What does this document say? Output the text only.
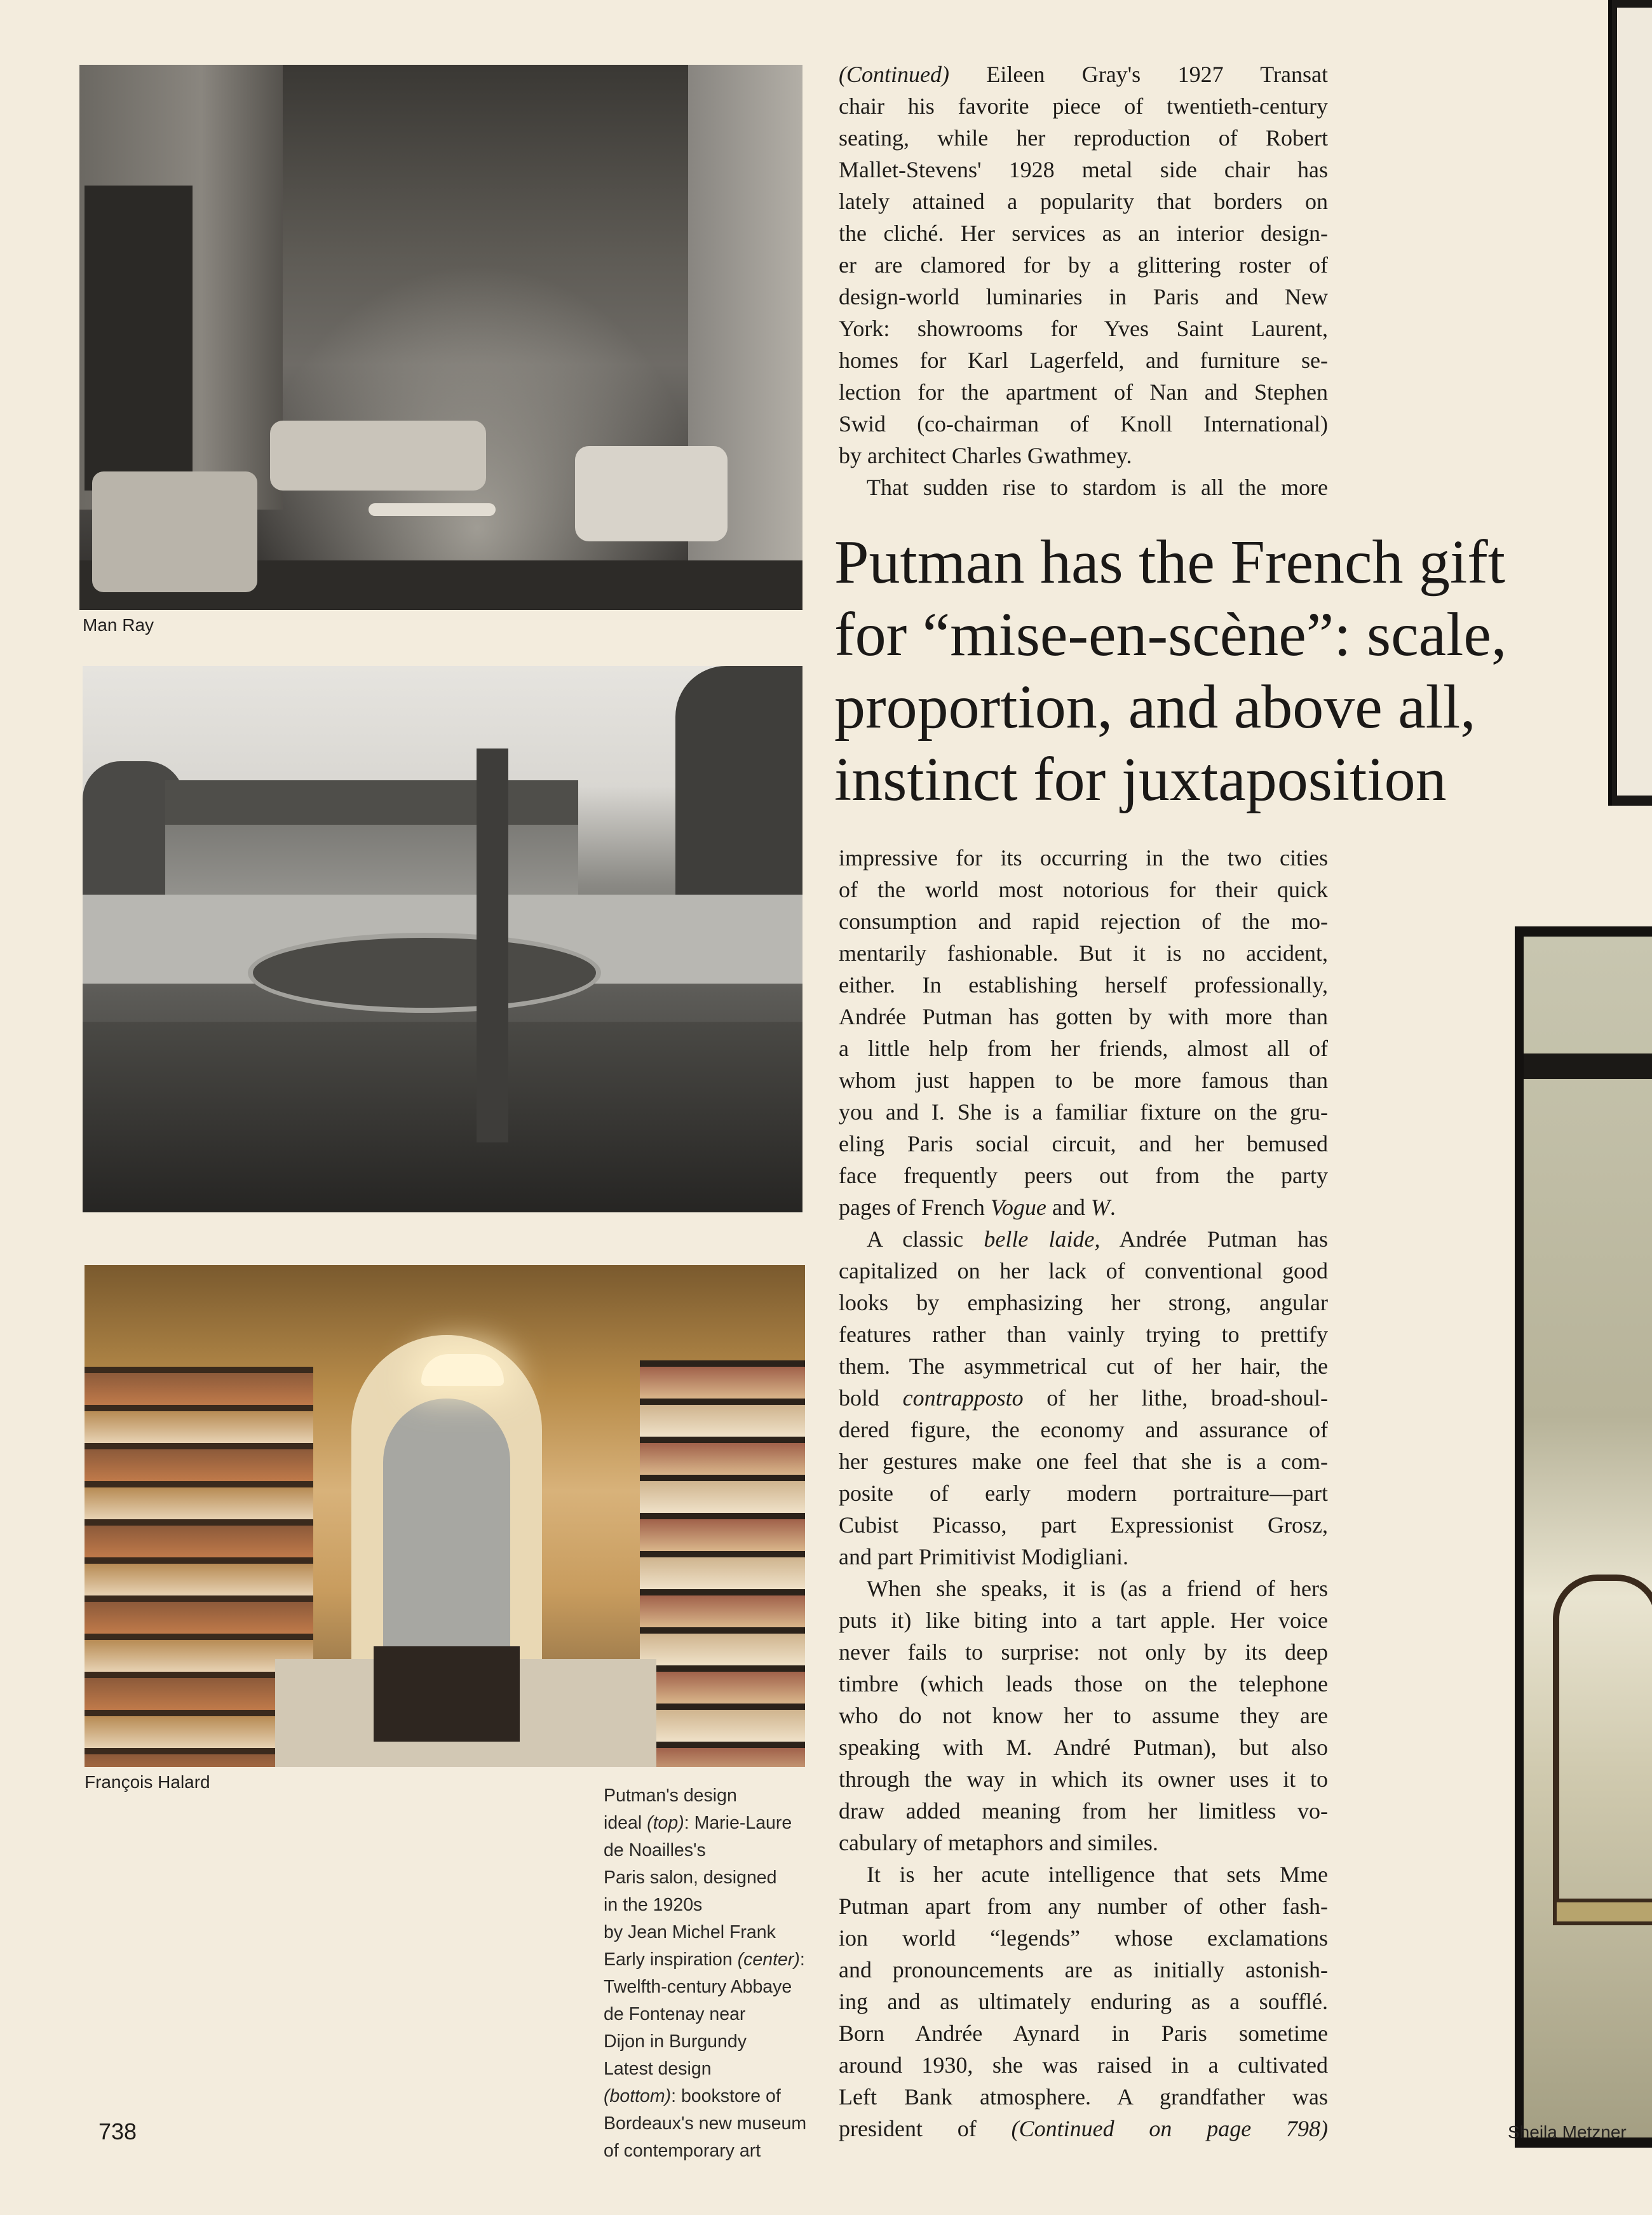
Man Ray
François Halard
Sheila Metzner
Putman's design
ideal (top): Marie-Laure
de Noailles's
Paris salon, designed
in the 1920s
by Jean Michel Frank
Early inspiration (center):
Twelfth-century Abbaye
de Fontenay near
Dijon in Burgundy
Latest design
(bottom): bookstore of
Bordeaux's new museum
of contemporary art
(Continued) Eileen Gray's 1927 Transat
chair his favorite piece of twentieth-century
seating, while her reproduction of Robert
Mallet-Stevens' 1928 metal side chair has
lately attained a popularity that borders on
the cliché. Her services as an interior design-
er are clamored for by a glittering roster of
design-world luminaries in Paris and New
York: showrooms for Yves Saint Laurent,
homes for Karl Lagerfeld, and furniture se-
lection for the apartment of Nan and Stephen
Swid (co-chairman of Knoll International)
by architect Charles Gwathmey.
That sudden rise to stardom is all the more
Putman has the French gift
for “mise-en-scène”: scale,
proportion, and above all,
instinct for juxtaposition
impressive for its occurring in the two cities
of the world most notorious for their quick
consumption and rapid rejection of the mo-
mentarily fashionable. But it is no accident,
either. In establishing herself professionally,
Andrée Putman has gotten by with more than
a little help from her friends, almost all of
whom just happen to be more famous than
you and I. She is a familiar fixture on the gru-
eling Paris social circuit, and her bemused
face frequently peers out from the party
pages of French Vogue and W.
A classic belle laide, Andrée Putman has
capitalized on her lack of conventional good
looks by emphasizing her strong, angular
features rather than vainly trying to prettify
them. The asymmetrical cut of her hair, the
bold contrapposto of her lithe, broad-shoul-
dered figure, the economy and assurance of
her gestures make one feel that she is a com-
posite of early modern portraiture—part
Cubist Picasso, part Expressionist Grosz,
and part Primitivist Modigliani.
When she speaks, it is (as a friend of hers
puts it) like biting into a tart apple. Her voice
never fails to surprise: not only by its deep
timbre (which leads those on the telephone
who do not know her to assume they are
speaking with M. André Putman), but also
through the way in which its owner uses it to
draw added meaning from her limitless vo-
cabulary of metaphors and similes.
It is her acute intelligence that sets Mme
Putman apart from any number of other fash-
ion world “legends” whose exclamations
and pronouncements are as initially astonish-
ing and as ultimately enduring as a soufflé.
Born Andrée Aynard in Paris sometime
around 1930, she was raised in a cultivated
Left Bank atmosphere. A grandfather was
president of (Continued on page 798)
738
